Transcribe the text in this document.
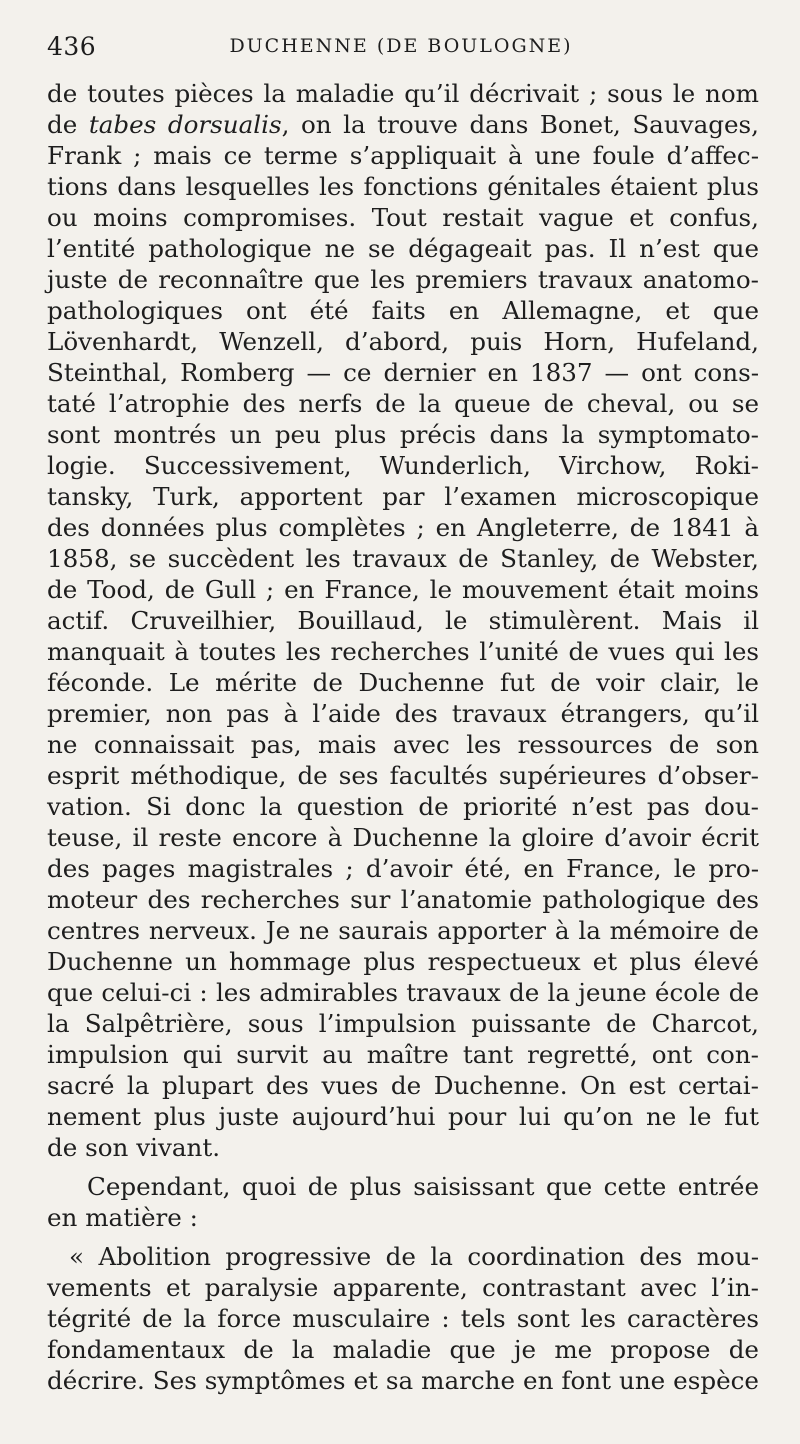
436	DUCHENNE (DE BOULOGNE)
de toutes pièces la maladie qu’il décrivait ; sous le nom
de tabes dorsualis, on la trouve dans Bonet, Sauvages,
Frank ; mais ce terme s’appliquait à une foule d’affec-
tions dans lesquelles les fonctions génitales étaient plus
ou moins compromises. Tout restait vague et confus,
l’entité pathologique ne se dégageait pas. Il n’est que
juste de reconnaître que les premiers travaux anatomo-
pathologiques ont été faits en Allemagne, et que
Lövenhardt, Wenzell, d’abord, puis Horn, Hufeland,
Steinthal, Romberg — ce dernier en 1837 — ont cons-
taté l’atrophie des nerfs de la queue de cheval, ou se
sont montrés un peu plus précis dans la symptomato-
logie. Successivement, Wunderlich, Virchow, Roki-
tansky, Turk, apportent par l’examen microscopique
des données plus complètes ; en Angleterre, de 1841 à
1858, se succèdent les travaux de Stanley, de Webster,
de Tood, de Gull ; en France, le mouvement était moins
actif. Cruveilhier, Bouillaud, le stimulèrent. Mais il
manquait à toutes les recherches l’unité de vues qui les
féconde. Le mérite de Duchenne fut de voir clair, le
premier, non pas à l’aide des travaux étrangers, qu’il
ne connaissait pas, mais avec les ressources de son
esprit méthodique, de ses facultés supérieures d’obser-
vation. Si donc la question de priorité n’est pas dou-
teuse, il reste encore à Duchenne la gloire d’avoir écrit
des pages magistrales ; d’avoir été, en France, le pro-
moteur des recherches sur l’anatomie pathologique des
centres nerveux. Je ne saurais apporter à la mémoire de
Duchenne un hommage plus respectueux et plus élevé
que celui-ci : les admirables travaux de la jeune école de
la Salpêtrière, sous l’impulsion puissante de Charcot,
impulsion qui survit au maître tant regretté, ont con-
sacré la plupart des vues de Duchenne. On est certai-
nement plus juste aujourd’hui pour lui qu’on ne le fut
de son vivant.
Cependant, quoi de plus saisissant que cette entrée
en matière :
« Abolition progressive de la coordination des mou-
vements et paralysie apparente, contrastant avec l’in-
tégrité de la force musculaire : tels sont les caractères
fondamentaux de la maladie que je me propose de
décrire. Ses symptômes et sa marche en font une espèce
